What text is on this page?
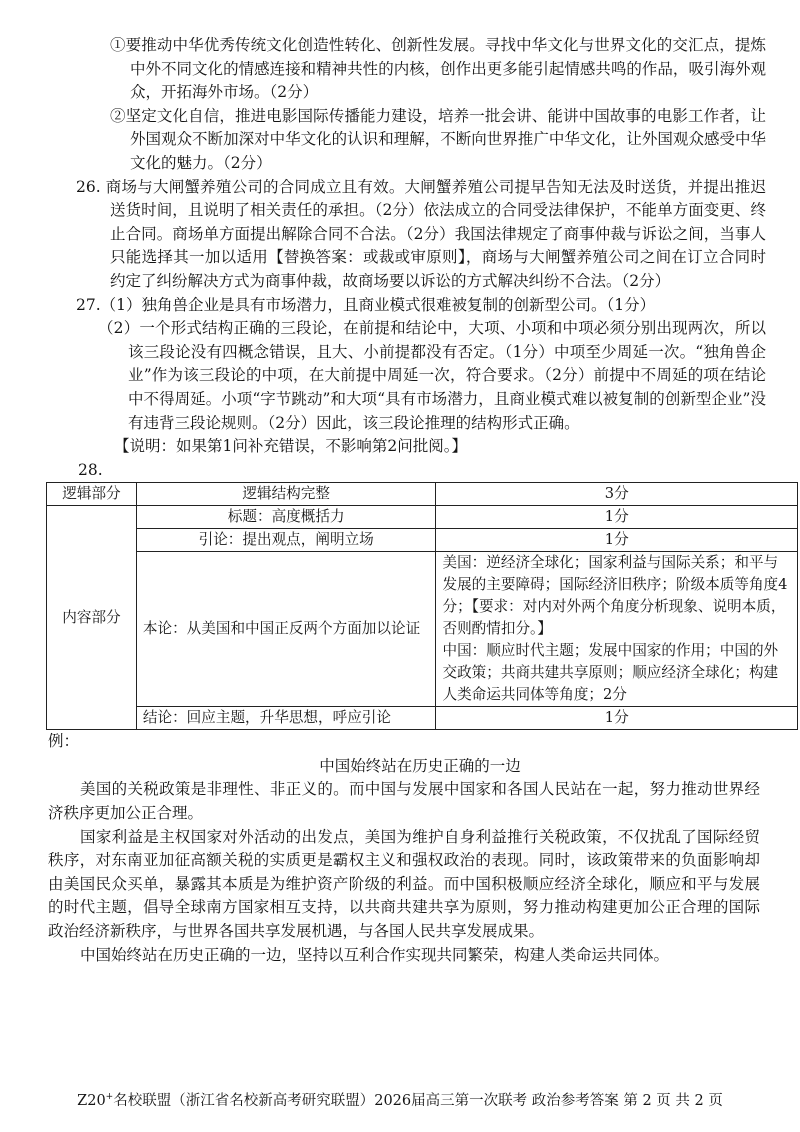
①要推动中华优秀传统文化创造性转化、创新性发展。寻找中华文化与世界文化的交汇点，提炼中外不同文化的情感连接和精神共性的内核，创作出更多能引起情感共鸣的作品，吸引海外观众，开拓海外市场。（2分）

②坚定文化自信，推进电影国际传播能力建设，培养一批会讲、能讲中国故事的电影工作者，让外国观众不断加深对中华文化的认识和理解，不断向世界推广中华文化，让外国观众感受中华文化的魅力。（2分）

26. 商场与大闸蟹养殖公司的合同成立且有效。大闸蟹养殖公司提早告知无法及时送货，并提出推迟送货时间，且说明了相关责任的承担。（2分）依法成立的合同受法律保护，不能单方面变更、终止合同。商场单方面提出解除合同不合法。（2分）我国法律规定了商事仲裁与诉讼之间，当事人只能选择其一加以适用【替换答案：或裁或审原则】，商场与大闸蟹养殖公司之间在订立合同时约定了纠纷解决方式为商事仲裁，故商场要以诉讼的方式解决纠纷不合法。（2分）

27.（1）独角兽企业是具有市场潜力，且商业模式很难被复制的创新型公司。（1分）

（2）一个形式结构正确的三段论，在前提和结论中，大项、小项和中项必须分别出现两次，所以该三段论没有四概念错误，且大、小前提都没有否定。（1分）中项至少周延一次。“独角兽企业”作为该三段论的中项，在大前提中周延一次，符合要求。（2分）前提中不周延的项在结论中不得周延。小项“字节跳动”和大项“具有市场潜力，且商业模式难以被复制的创新型企业”没有违背三段论规则。（2分）因此，该三段论推理的结构形式正确。

【说明：如果第1问补充错误，不影响第2问批阅。】

28.

逻辑部分	逻辑结构完整	3分
内容部分	标题：高度概括力	1分
	引论：提出观点，阐明立场	1分
	本论：从美国和中国正反两个方面加以论证	美国：逆经济全球化；国家利益与国际关系；和平与发展的主要障碍；国际经济旧秩序；阶级本质等角度4分；【要求：对内对外两个角度分析现象、说明本质，否则酌情扣分。】
中国：顺应时代主题；发展中国家的作用；中国的外交政策；共商共建共享原则；顺应经济全球化；构建人类命运共同体等角度；2分

	结论：回应主题，升华思想，呼应引论	1分

例：

中国始终站在历史正确的一边

美国的关税政策是非理性、非正义的。而中国与发展中国家和各国人民站在一起，努力推动世界经济秩序更加公正合理。

国家利益是主权国家对外活动的出发点，美国为维护自身利益推行关税政策，不仅扰乱了国际经贸秩序，对东南亚加征高额关税的实质更是霸权主义和强权政治的表现。同时，该政策带来的负面影响却由美国民众买单，暴露其本质是为维护资产阶级的利益。而中国积极顺应经济全球化，顺应和平与发展的时代主题，倡导全球南方国家相互支持，以共商共建共享为原则，努力推动构建更加公正合理的国际政治经济新秩序，与世界各国共享发展机遇，与各国人民共享发展成果。

中国始终站在历史正确的一边，坚持以互利合作实现共同繁荣，构建人类命运共同体。

Z20+名校联盟（浙江省名校新高考研究联盟）2026届高三第一次联考 政治参考答案 第 2 页 共 2 页
